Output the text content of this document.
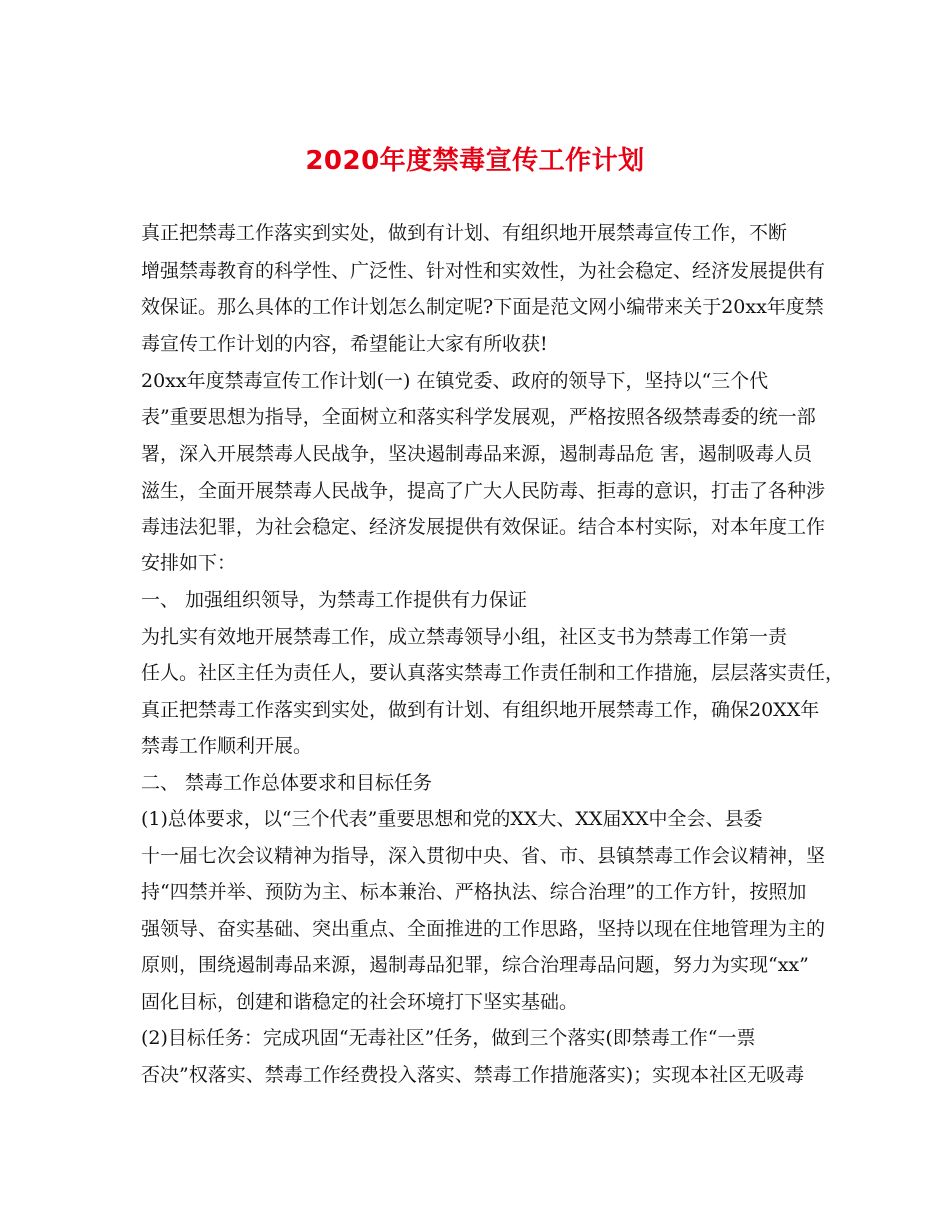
2020年度禁毒宣传工作计划
真正把禁毒工作落实到实处，做到有计划、有组织地开展禁毒宣传工作，不断
增强禁毒教育的科学性、广泛性、针对性和实效性，为社会稳定、经济发展提供有
效保证。那么具体的工作计划怎么制定呢?下面是范文网小编带来关于20xx年度禁
毒宣传工作计划的内容，希望能让大家有所收获!
20xx年度禁毒宣传工作计划(一) 在镇党委、政府的领导下，坚持以“三个代
表”重要思想为指导，全面树立和落实科学发展观，严格按照各级禁毒委的统一部
署，深入开展禁毒人民战争，坚决遏制毒品来源，遏制毒品危 害，遏制吸毒人员
滋生，全面开展禁毒人民战争，提高了广大人民防毒、拒毒的意识，打击了各种涉
毒违法犯罪，为社会稳定、经济发展提供有效保证。结合本村实际，对本年度工作
安排如下：
一、 加强组织领导，为禁毒工作提供有力保证
为扎实有效地开展禁毒工作，成立禁毒领导小组，社区支书为禁毒工作第一责
任人。社区主任为责任人，要认真落实禁毒工作责任制和工作措施，层层落实责任，
真正把禁毒工作落实到实处，做到有计划、有组织地开展禁毒工作，确保20XX年
禁毒工作顺利开展。
二、 禁毒工作总体要求和目标任务
(1)总体要求，以“三个代表”重要思想和党的XX大、XX届XX中全会、县委
十一届七次会议精神为指导，深入贯彻中央、省、市、县镇禁毒工作会议精神，坚
持“四禁并举、预防为主、标本兼治、严格执法、综合治理”的工作方针，按照加
强领导、奋实基础、突出重点、全面推进的工作思路，坚持以现在住地管理为主的
原则，围绕遏制毒品来源，遏制毒品犯罪，综合治理毒品问题，努力为实现“xx”
固化目标，创建和谐稳定的社会环境打下坚实基础。
(2)目标任务：完成巩固“无毒社区”任务，做到三个落实(即禁毒工作“一票
否决”权落实、禁毒工作经费投入落实、禁毒工作措施落实)；实现本社区无吸毒
